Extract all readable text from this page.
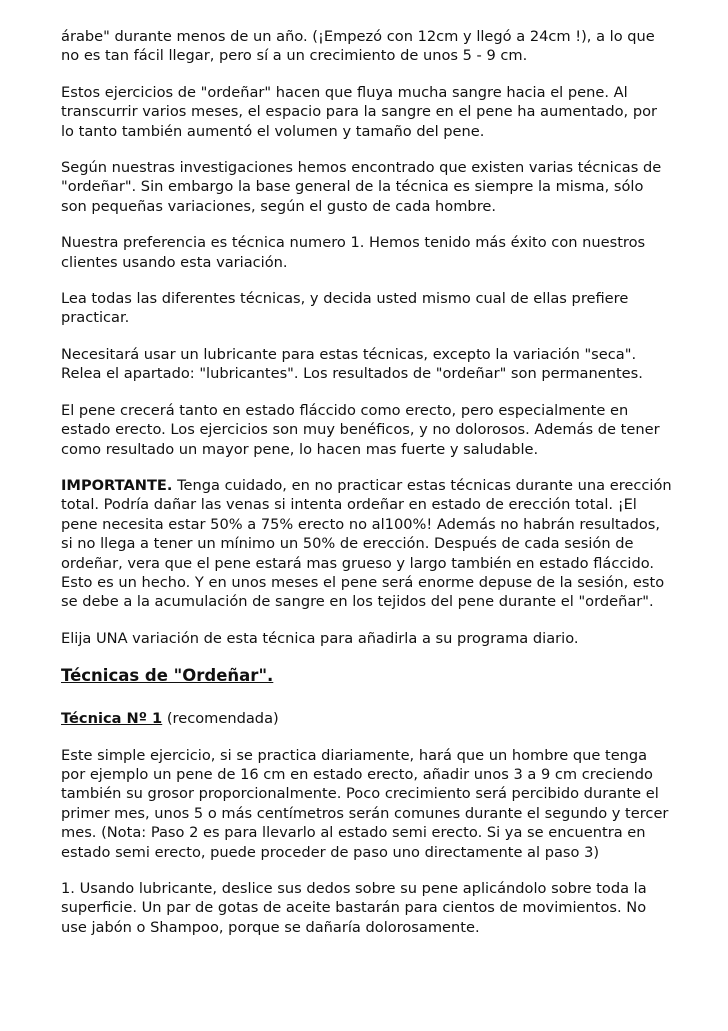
árabe" durante menos de un año. (¡Empezó con 12cm y llegó a 24cm !), a lo que no es tan fácil llegar, pero sí a un crecimiento de unos 5 - 9 cm.

Estos ejercicios de "ordeñar" hacen que fluya mucha sangre hacia el pene. Al transcurrir varios meses, el espacio para la sangre en el pene ha aumentado, por lo tanto también aumentó el volumen y tamaño del pene.

Según nuestras investigaciones hemos encontrado que existen varias técnicas de "ordeñar". Sin embargo la base general de la técnica es siempre la misma, sólo son pequeñas variaciones, según el gusto de cada hombre.

Nuestra preferencia es técnica numero 1. Hemos tenido más éxito con nuestros clientes usando esta variación.

Lea todas las diferentes técnicas, y decida usted mismo cual de ellas prefiere practicar.

Necesitará usar un lubricante para estas técnicas, excepto la variación "seca". Relea el apartado: "lubricantes". Los resultados de "ordeñar" son permanentes.

El pene crecerá tanto en estado fláccido como erecto, pero especialmente en estado erecto. Los ejercicios son muy benéficos, y no dolorosos. Además de tener como resultado un mayor pene, lo hacen mas fuerte y saludable.

IMPORTANTE. Tenga cuidado, en no practicar estas técnicas durante una erección total. Podría dañar las venas si intenta ordeñar en estado de erección total. ¡El pene necesita estar 50% a 75% erecto no al100%! Además no habrán resultados, si no llega a tener un mínimo un 50% de erección. Después de cada sesión de ordeñar, vera que el pene estará mas grueso y largo también en estado fláccido. Esto es un hecho. Y en unos meses el pene será enorme depuse de la sesión, esto se debe a la acumulación de sangre en los tejidos del pene durante el "ordeñar".

Elija UNA variación de esta técnica para añadirla a su programa diario.

Técnicas de "Ordeñar".

Técnica Nº 1 (recomendada)

Este simple ejercicio, si se practica diariamente, hará que un hombre que tenga por ejemplo un pene de 16 cm en estado erecto, añadir unos 3 a 9 cm creciendo también su grosor proporcionalmente. Poco crecimiento será percibido durante el primer mes, unos 5 o más centímetros serán comunes durante el segundo y tercer mes. (Nota: Paso 2 es para llevarlo al estado semi erecto. Si ya se encuentra en estado semi erecto, puede proceder de paso uno directamente al paso 3)

1. Usando lubricante, deslice sus dedos sobre su pene aplicándolo sobre toda la superficie. Un par de gotas de aceite bastarán para cientos de movimientos. No use jabón o Shampoo, porque se dañaría dolorosamente.
